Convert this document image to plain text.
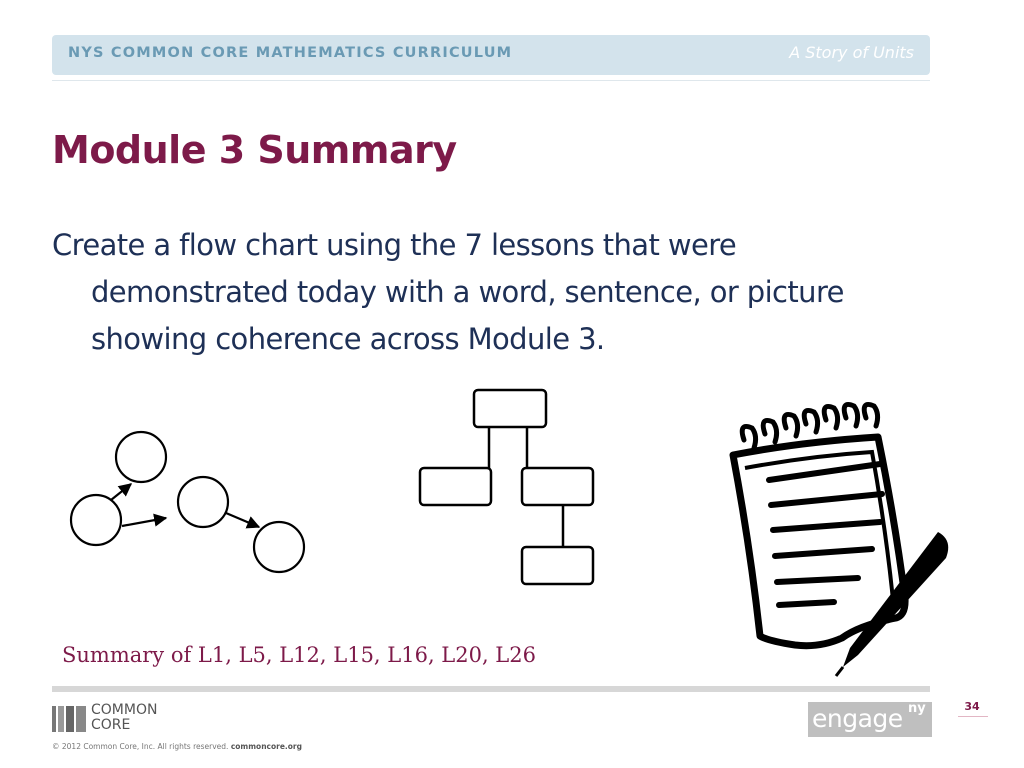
NYS COMMON CORE MATHEMATICS CURRICULUM	A Story of Units
Module 3 Summary
Create a flow chart using the 7 lessons that were
demonstrated today with a word, sentence, or picture
showing coherence across Module 3.
Summary of L1, L5, L12, L15, L16, L20, L26
COMMON
CORE
© 2012 Common Core, Inc. All rights reserved. commoncore.org
engage ny	34
